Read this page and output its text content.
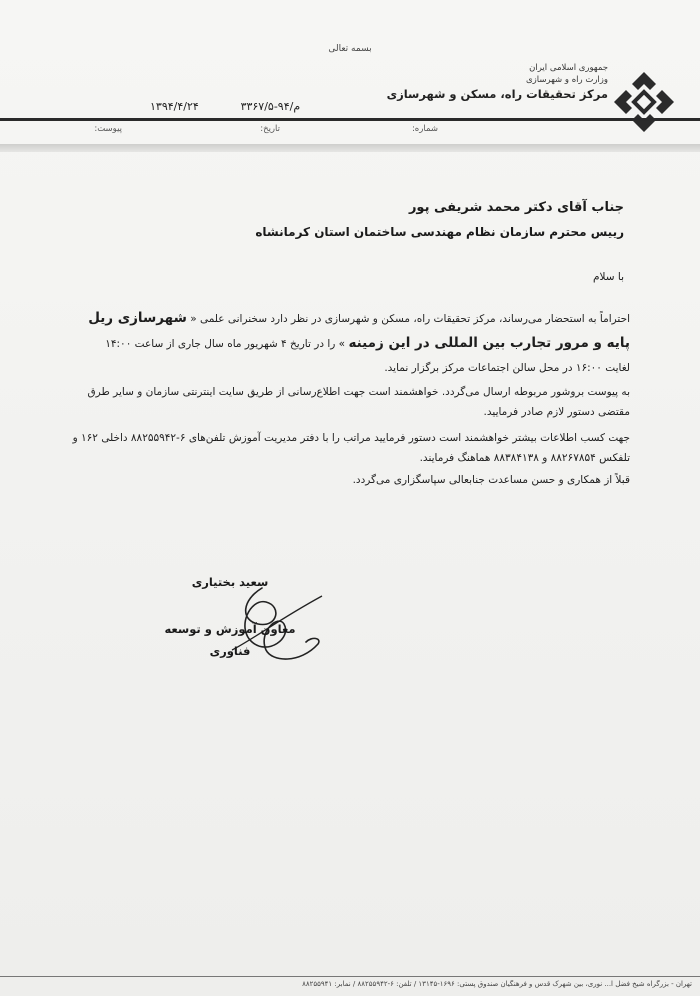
بسمه تعالی
جمهوری اسلامی ایران
وزارت راه و شهرسازی
مرکز تحقیقات راه، مسکن و شهرسازی
۱۳۹۴/۴/۲۴	۳۳۶۷/۵-۹۴/م
شماره:
تاریخ:
پیوست:
جناب آقای دکتر محمد شریفی پور
رییس محترم سازمان نظام مهندسی ساختمان استان کرمانشاه
با سلام

احتراماً به استحضار می‌رساند، مرکز تحقیقات راه، مسکن و شهرسازی در نظر دارد سخنرانی علمی « شهرسازی ریل

پایه و مرور تجارب بین المللی در این زمینه » را در تاریخ ۴ شهریور ماه سال جاری از ساعت ۱۴:۰۰

لغایت ۱۶:۰۰ در محل سالن اجتماعات مرکز برگزار نماید.

به پیوست بروشور مربوطه ارسال می‌گردد. خواهشمند است جهت اطلاع‌رسانی از طریق سایت اینترنتی سازمان و سایر طرق مقتضی دستور لازم صادر فرمایید.

جهت کسب اطلاعات بیشتر خواهشمند است دستور فرمایید مراتب را با دفتر مدیریت آموزش تلفن‌های ۶-۸۸۲۵۵۹۴۲ داخلی ۱۶۲ و تلفکس ۸۸۲۶۷۸۵۴ و ۸۸۳۸۴۱۳۸ هماهنگ فرمایند.

قبلاً از همکاری و حسن مساعدت جنابعالی سپاسگزاری می‌گردد.

سعید بختیاری
معاون آموزش و توسعه فناوری
تهران - بزرگراه شیخ فضل ا... نوری، بین شهرک قدس و فرهنگیان صندوق پستی: ۱۶۹۶-۱۳۱۴۵ / تلفن: ۶-۸۸۲۵۵۹۴۲ / نمابر: ۸۸۲۵۵۹۴۱
